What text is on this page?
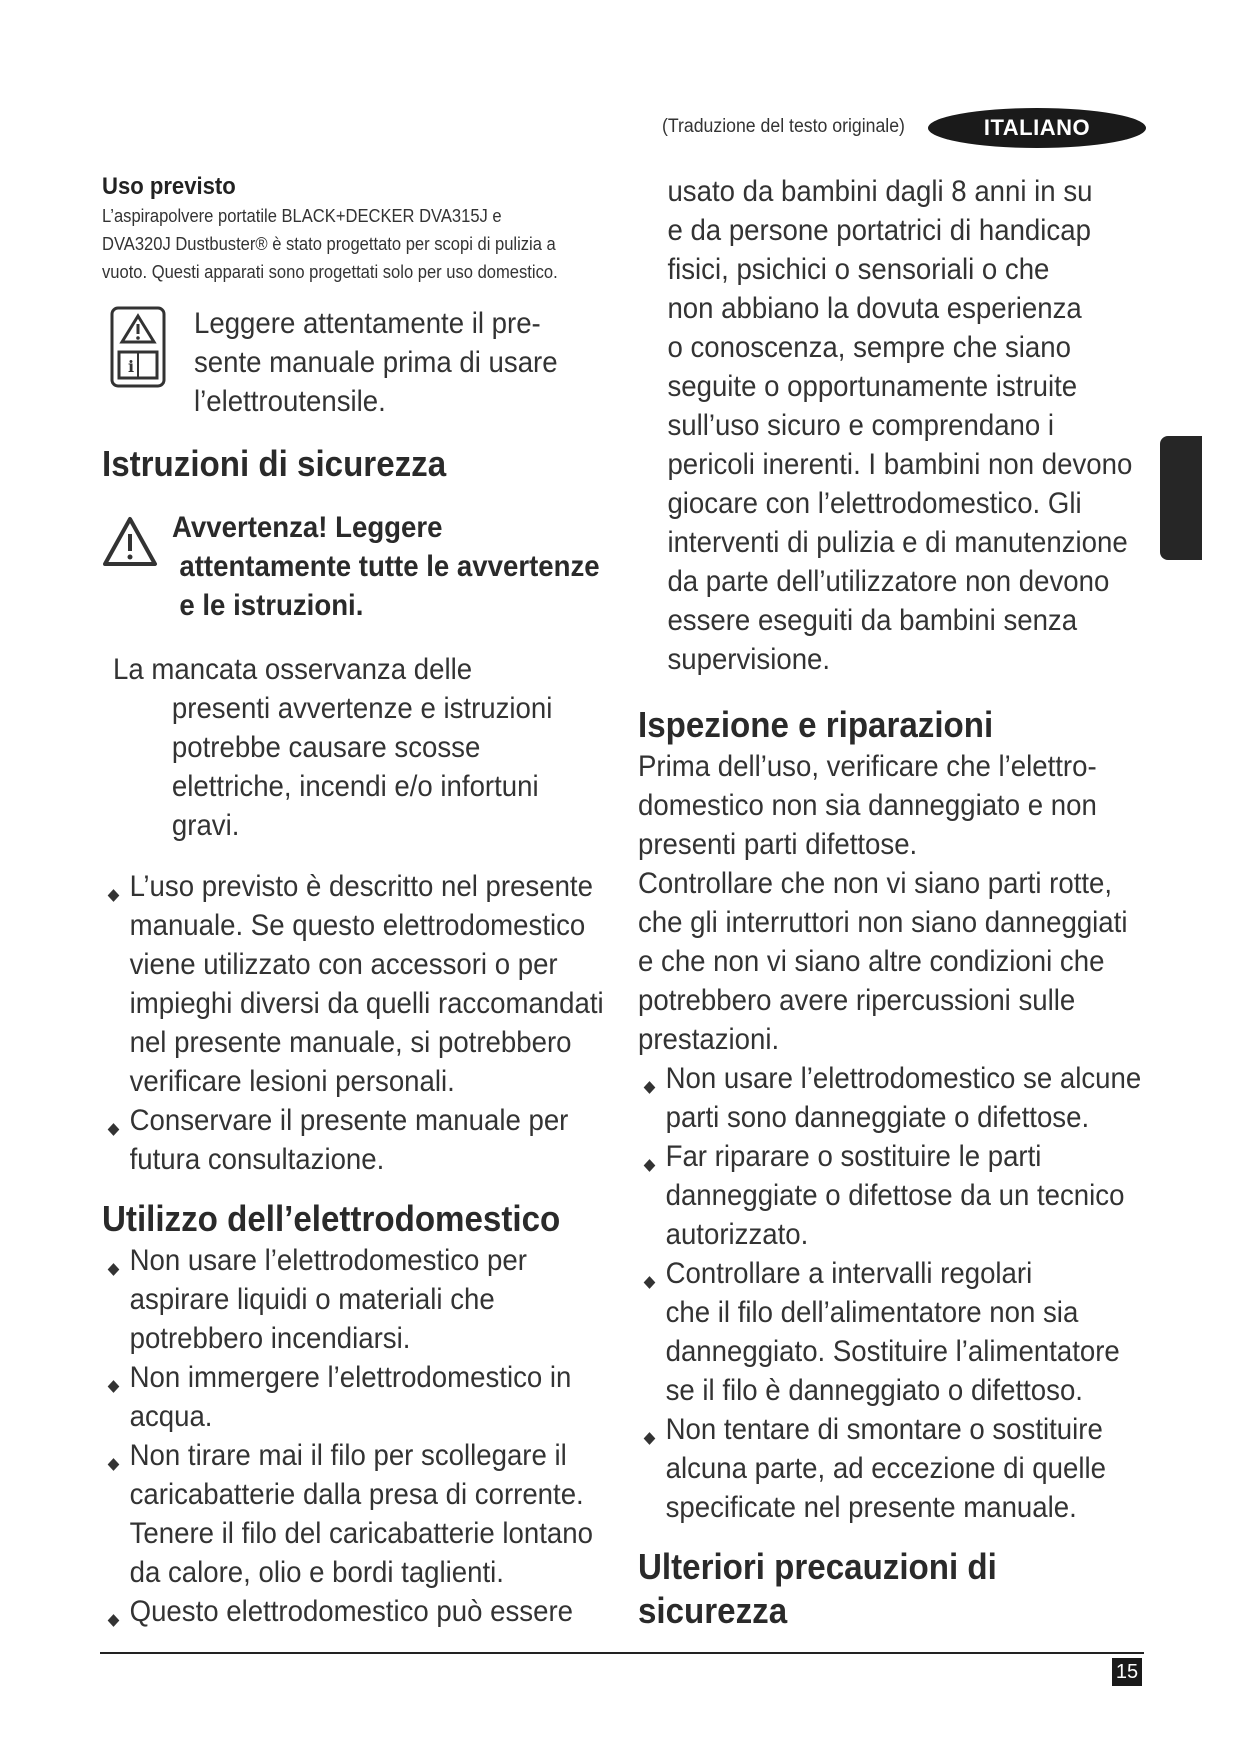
(Traduzione del testo originale)	ITALIANO
Uso previsto

L’aspirapolvere portatile BLACK+DECKER DVA315J e

DVA320J Dustbuster® è stato progettato per scopi di pulizia a

vuoto. Questi apparati sono progettati solo per uso domestico.

i

Leggere attentamente il pre-

sente manuale prima di usare

l’elettroutensile.

Istruzioni di sicurezza
Avvertenza! Leggere
attentamente tutte le avvertenze
e le istruzioni.

La mancata osservanza delle

presenti avvertenze e istruzioni

potrebbe causare scosse

elettriche, incendi e/o infortuni

gravi.

L’uso previsto è descritto nel presente
manuale. Se questo elettrodomestico
viene utilizzato con accessori o per
impieghi diversi da quelli raccomandati
nel presente manuale, si potrebbero
verificare lesioni personali.
Conservare il presente manuale per
futura consultazione.
Utilizzo dell’elettrodomestico
Non usare l’elettrodomestico per
aspirare liquidi o materiali che
potrebbero incendiarsi.
Non immergere l’elettrodomestico in
acqua.
Non tirare mai il filo per scollegare il
caricabatterie dalla presa di corrente.
Tenere il filo del caricabatterie lontano
da calore, olio e bordi taglienti.
Questo elettrodomestico può essere

usato da bambini dagli 8 anni in su

e da persone portatrici di handicap

fisici, psichici o sensoriali o che

non abbiano la dovuta esperienza

o conoscenza, sempre che siano

seguite o opportunamente istruite

sull’uso sicuro e comprendano i

pericoli inerenti. I bambini non devono

giocare con l’elettrodomestico. Gli

interventi di pulizia e di manutenzione

da parte dell’utilizzatore non devono

essere eseguiti da bambini senza

supervisione.

Ispezione e riparazioni

Prima dell’uso, verificare che l’elettro-

domestico non sia danneggiato e non

presenti parti difettose.

Controllare che non vi siano parti rotte,

che gli interruttori non siano danneggiati

e che non vi siano altre condizioni che

potrebbero avere ripercussioni sulle

prestazioni.

Non usare l’elettrodomestico se alcune
parti sono danneggiate o difettose.
Far riparare o sostituire le parti
danneggiate o difettose da un tecnico
autorizzato.
Controllare a intervalli regolari
che il filo dell’alimentatore non sia
danneggiato. Sostituire l’alimentatore
se il filo è danneggiato o difettoso.
Non tentare di smontare o sostituire
alcuna parte, ad eccezione di quelle
specificate nel presente manuale.
Ulteriori precauzioni di sicurezza
15
